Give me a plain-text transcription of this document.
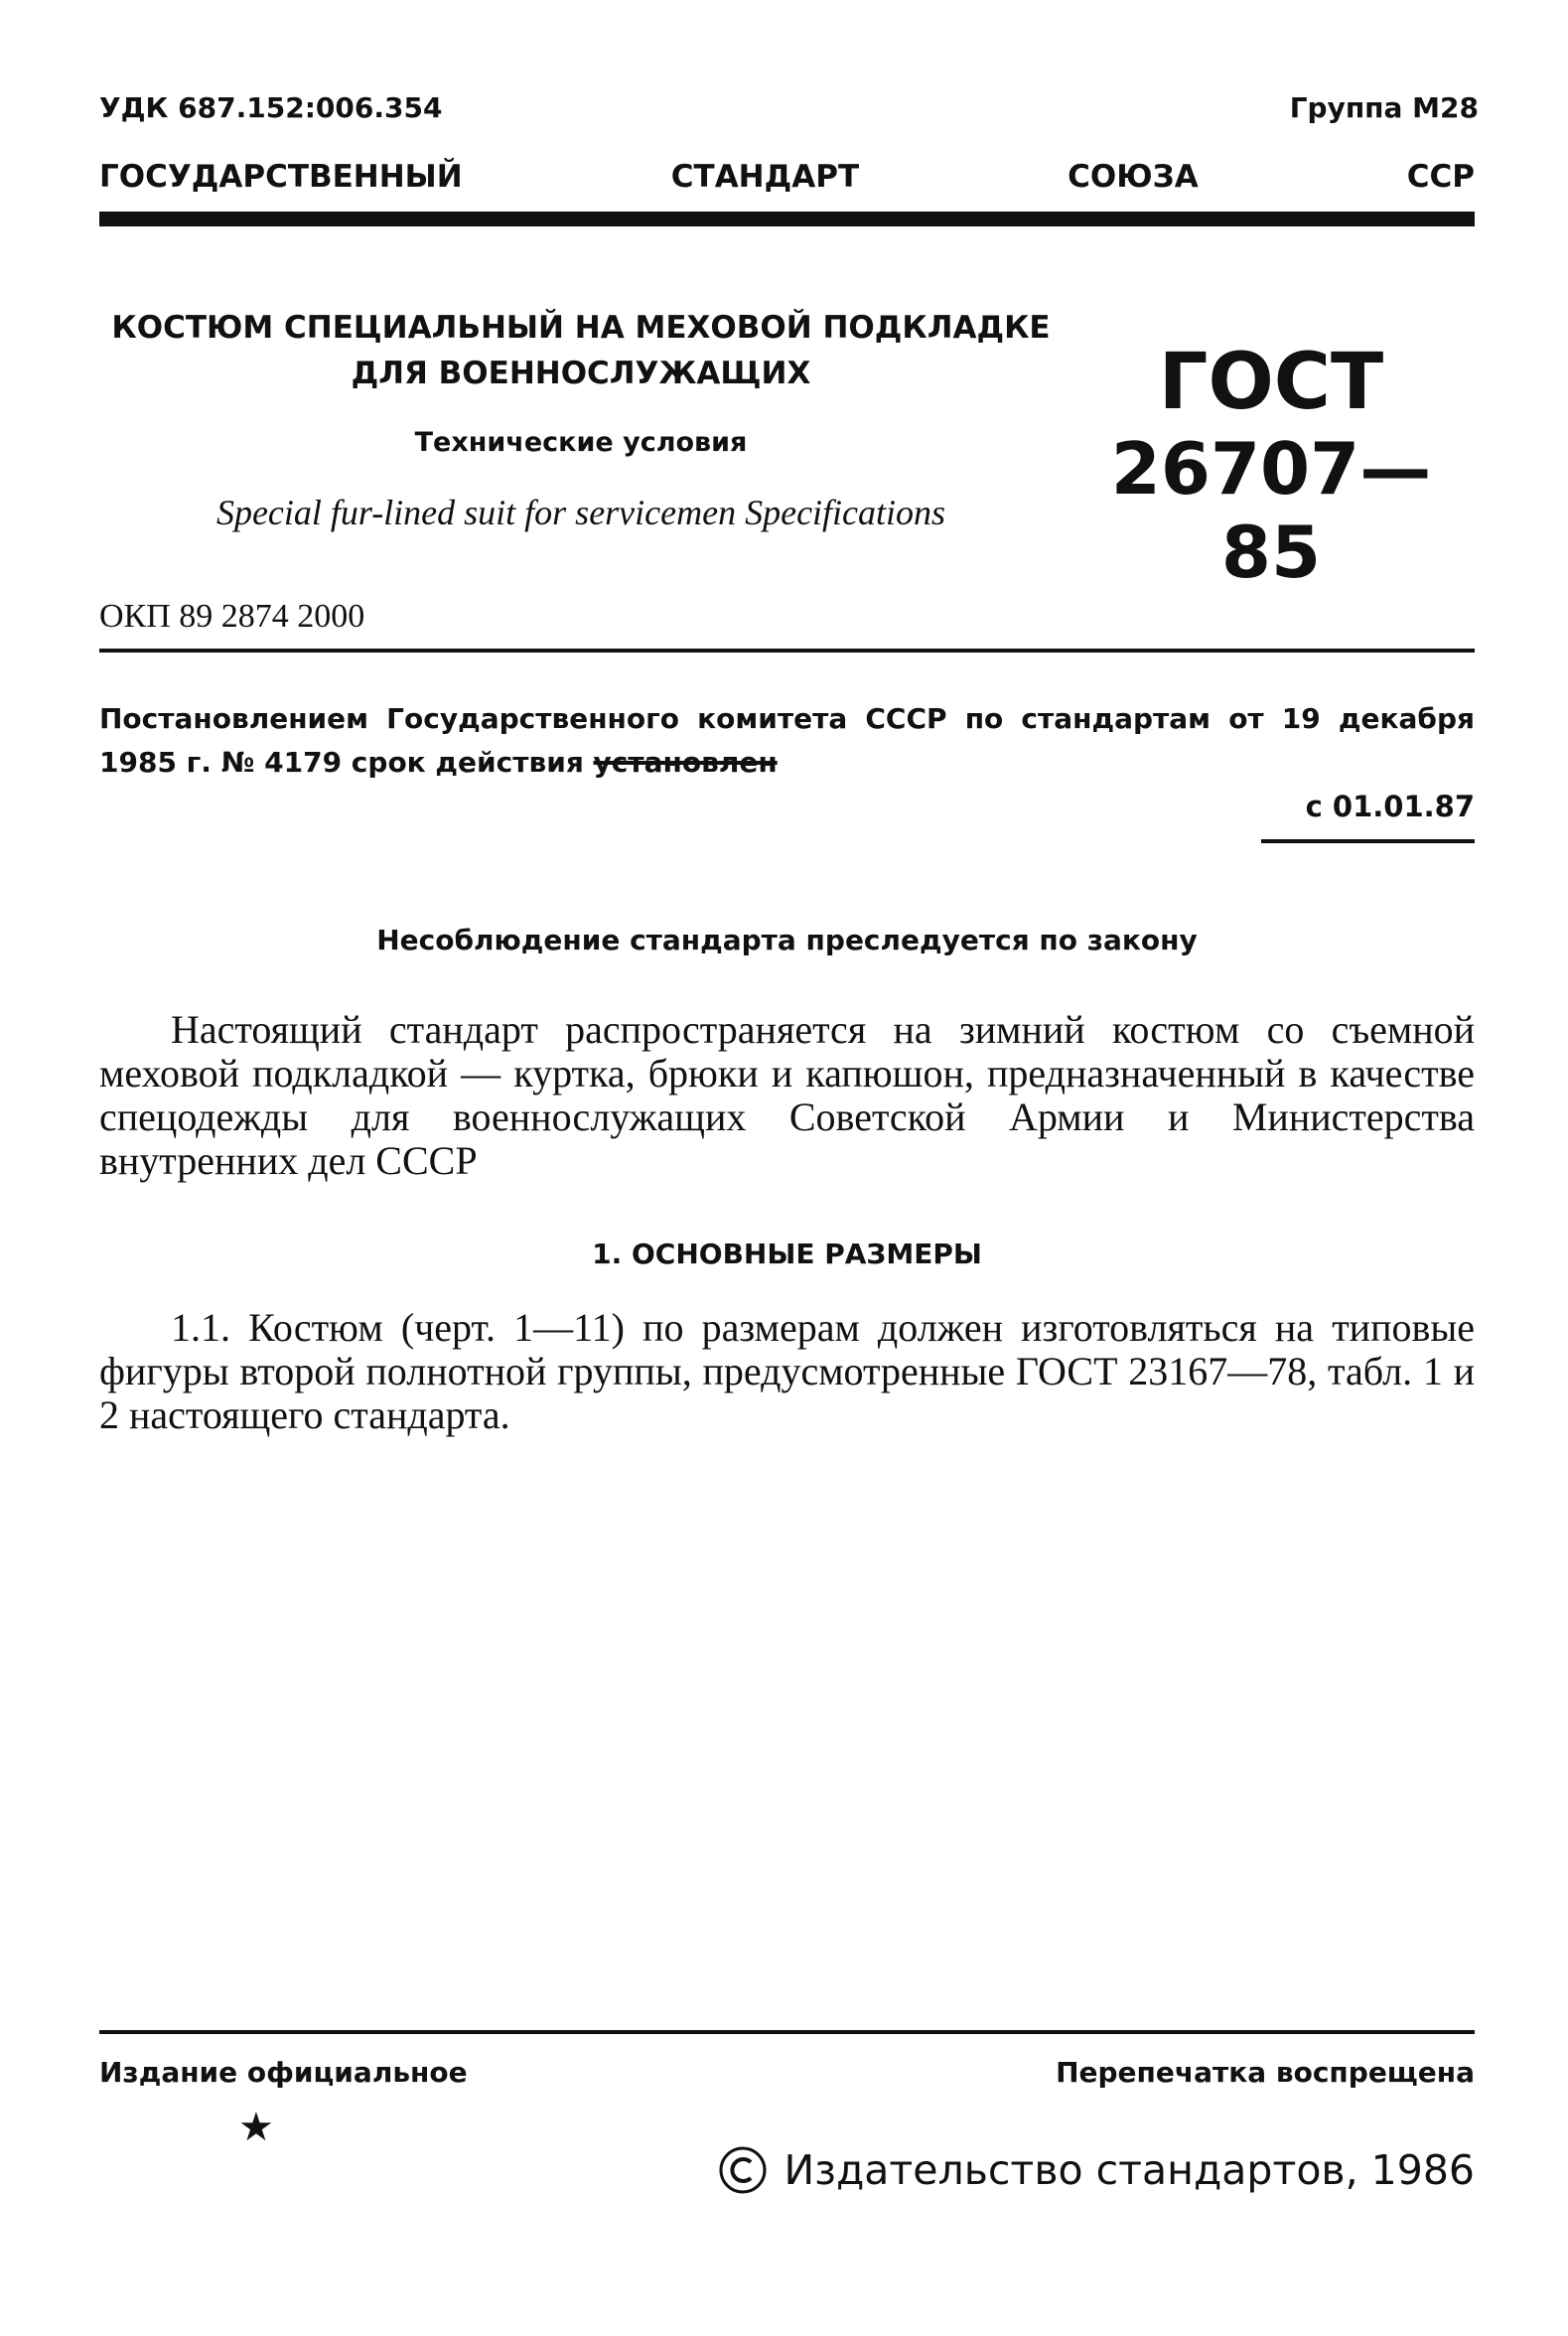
УДК 687.152:006.354	Группа М28
ГОСУДАРСТВЕННЫЙ	СТАНДАРТ	СОЮЗА	ССР
КОСТЮМ СПЕЦИАЛЬНЫЙ НА МЕХОВОЙ ПОДКЛАДКЕ
ДЛЯ ВОЕННОСЛУЖАЩИХ
Технические условия
Special fur-lined suit for servicemen Specifications
ГОСТ
26707—85
ОКП 89 2874 2000
Постановлением Государственного комитета СССР по стандартам от 19 декабря 1985 г. № 4179 срок действия установлен
с 01.01.87
Несоблюдение стандарта преследуется по закону
Настоящий стандарт распространяется на зимний костюм со съемной меховой подкладкой — куртка, брюки и капюшон, предназначенный в качестве спецодежды для военнослужащих Советской Армии и Министерства внутренних дел СССР
1. ОСНОВНЫЕ РАЗМЕРЫ
1.1. Костюм (черт. 1—11) по размерам должен изготовляться на типовые фигуры второй полнотной группы, предусмотренные ГОСТ 23167—78, табл. 1 и 2 настоящего стандарта.
Издание официальное	Перепечатка воспрещена
★
Издательство стандартов, 1986
